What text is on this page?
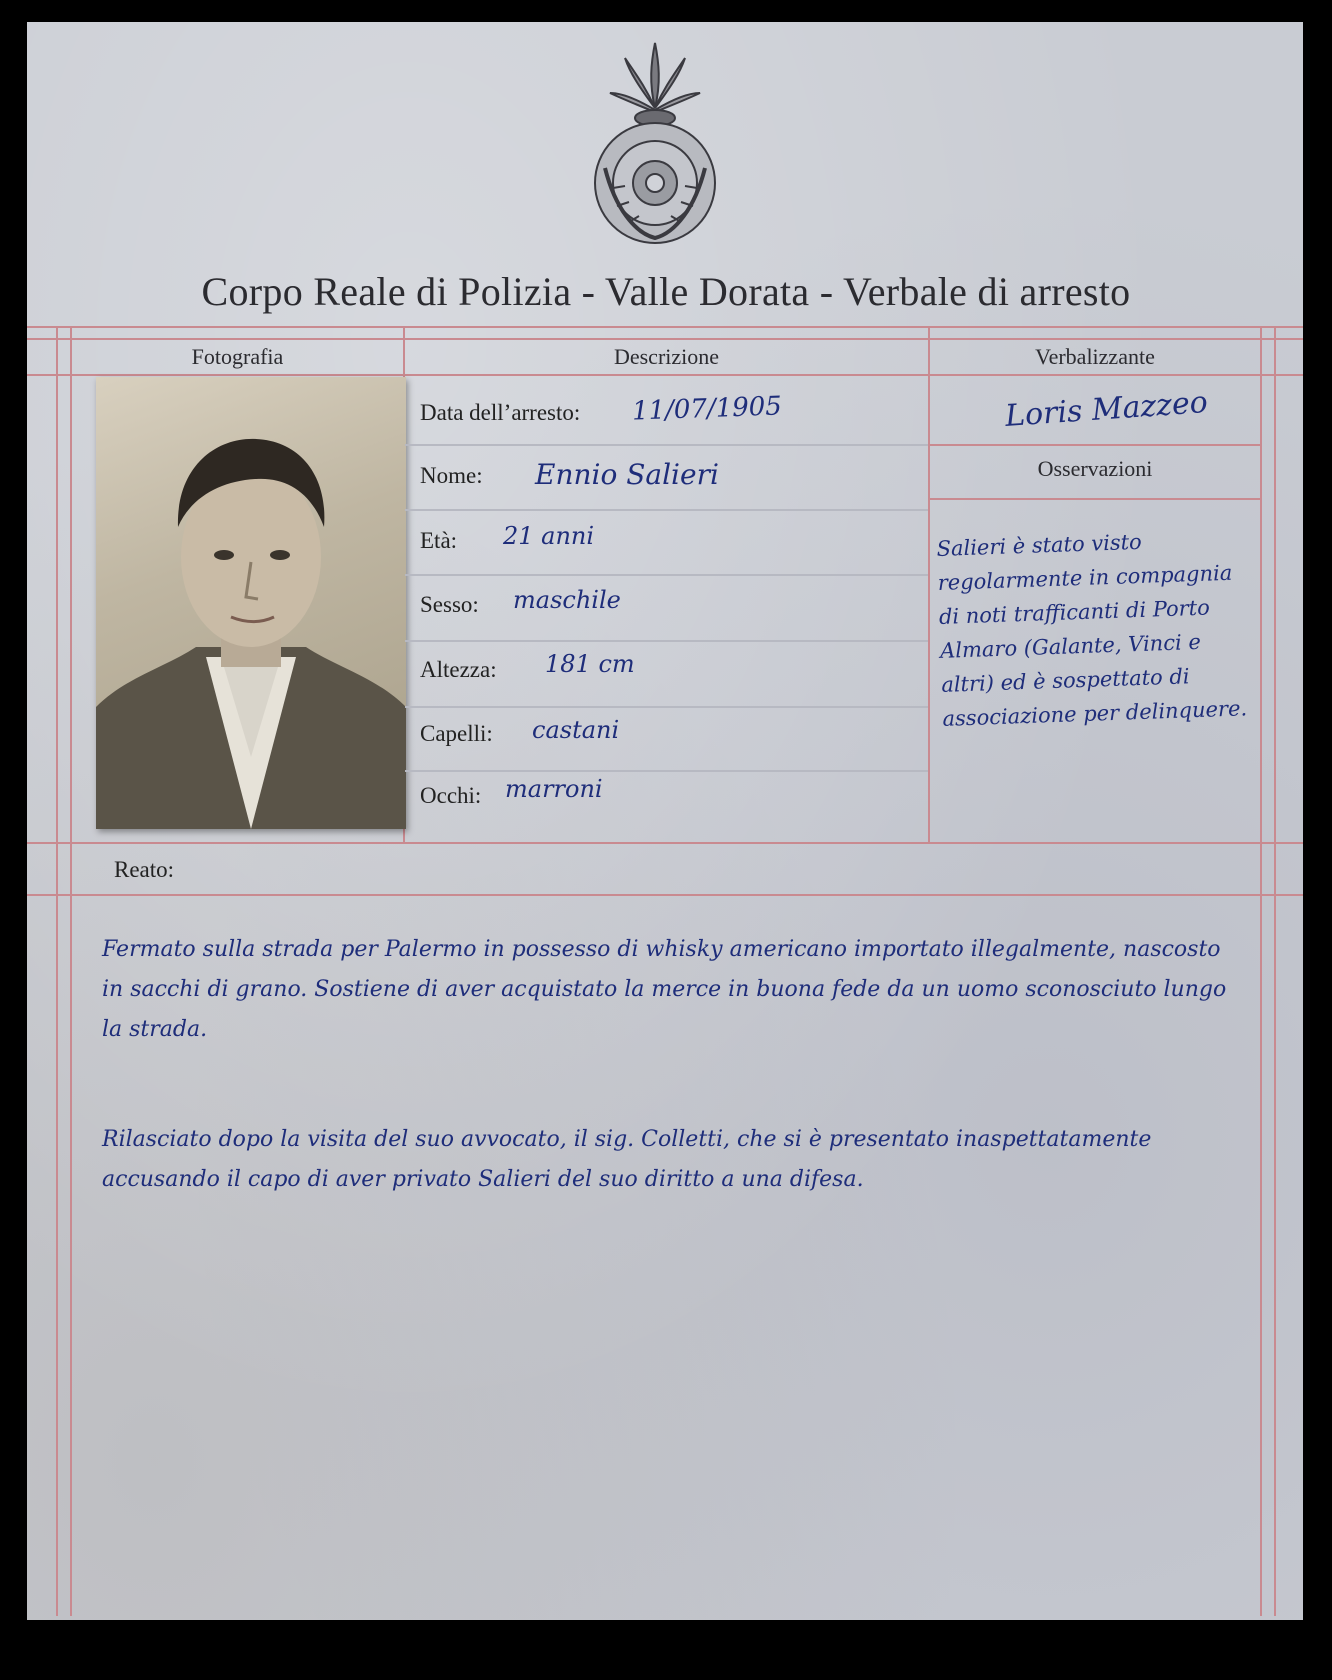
Corpo Reale di Polizia - Valle Dorata - Verbale di arresto
Fotografia	Descrizione	Verbalizzante
Data dell’arresto: 11/07/1905
Nome: Ennio Salieri
Età: 21 anni
Sesso: maschile
Altezza: 181 cm
Capelli: castani
Occhi: marroni
Loris Mazzeo
Osservazioni
Salieri è stato visto regolarmente in compagnia di noti trafficanti di Porto Almaro (Galante, Vinci e altri) ed è sospettato di associazione per delinquere.
Reato:

Fermato sulla strada per Palermo in possesso di whisky americano importato illegalmente, nascosto in sacchi di grano. Sostiene di aver acquistato la merce in buona fede da un uomo sconosciuto lungo la strada.

Rilasciato dopo la visita del suo avvocato, il sig. Colletti, che si è presentato inaspettatamente accusando il capo di aver privato Salieri del suo diritto a una difesa.
